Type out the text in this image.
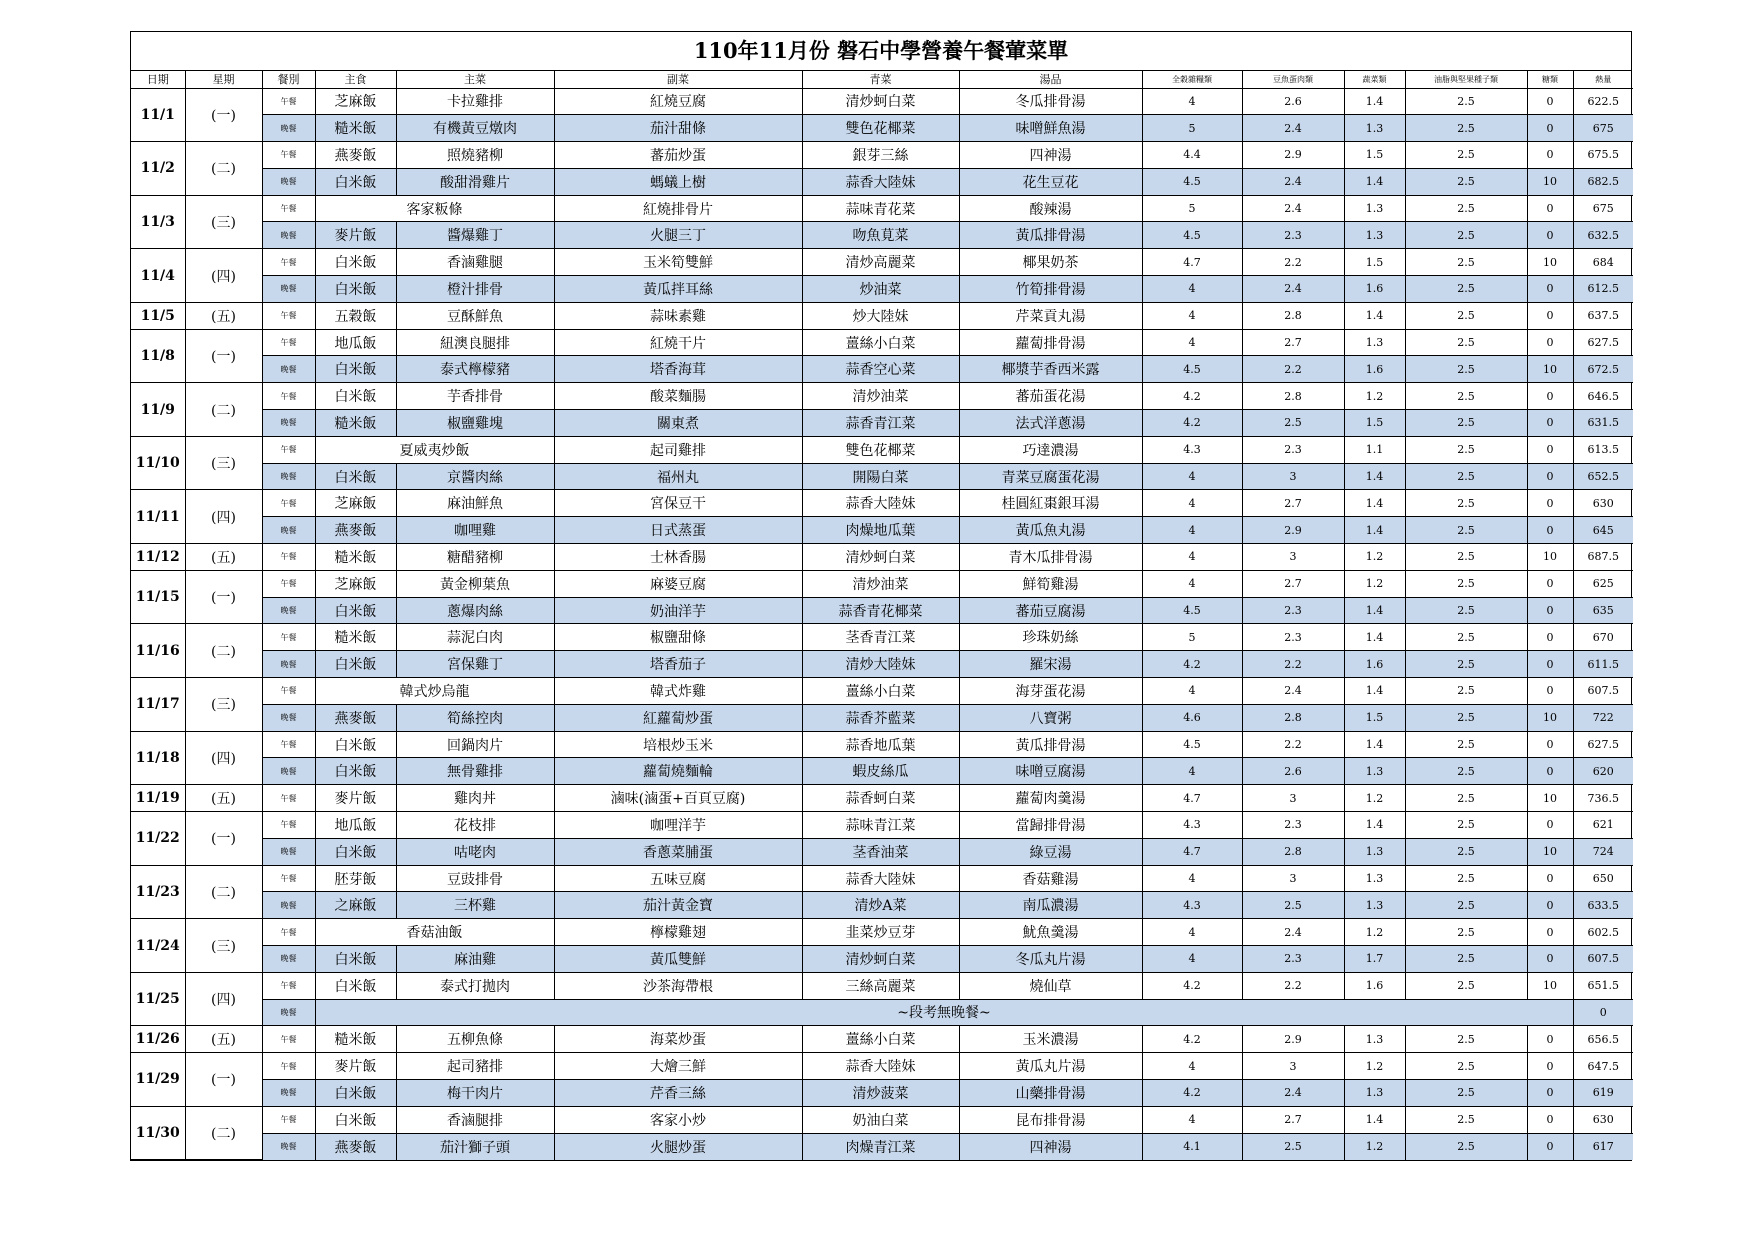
110年11月份 磐石中學營養午餐葷菜單
日期	星期	餐別	主食	主菜	副菜	青菜	湯品	全穀雜糧類	豆魚蛋肉類	蔬菜類	油脂與堅果種子類	糖類	熱量
11/1	(一)	午餐	芝麻飯	卡拉雞排	紅燒豆腐	清炒蚵白菜	冬瓜排骨湯	4	2.6	1.4	2.5	0	622.5
		晚餐	糙米飯	有機黃豆燉肉	茄汁甜條	雙色花椰菜	味噌鮮魚湯	5	2.4	1.3	2.5	0	675
11/2	(二)	午餐	燕麥飯	照燒豬柳	蕃茄炒蛋	銀芽三絲	四神湯	4.4	2.9	1.5	2.5	0	675.5
		晚餐	白米飯	酸甜滑雞片	螞蟻上樹	蒜香大陸妹	花生豆花	4.5	2.4	1.4	2.5	10	682.5
11/3	(三)	午餐	客家粄條		紅燒排骨片	蒜味青花菜	酸辣湯	5	2.4	1.3	2.5	0	675
		晚餐	麥片飯	醬爆雞丁	火腿三丁	吻魚莧菜	黃瓜排骨湯	4.5	2.3	1.3	2.5	0	632.5
11/4	(四)	午餐	白米飯	香滷雞腿	玉米筍雙鮮	清炒高麗菜	椰果奶茶	4.7	2.2	1.5	2.5	10	684
		晚餐	白米飯	橙汁排骨	黃瓜拌耳絲	炒油菜	竹筍排骨湯	4	2.4	1.6	2.5	0	612.5
11/5	(五)	午餐	五穀飯	豆酥鮮魚	蒜味素雞	炒大陸妹	芹菜貢丸湯	4	2.8	1.4	2.5	0	637.5
11/8	(一)	午餐	地瓜飯	紐澳良腿排	紅燒干片	薑絲小白菜	蘿蔔排骨湯	4	2.7	1.3	2.5	0	627.5
		晚餐	白米飯	泰式檸檬豬	塔香海茸	蒜香空心菜	椰漿芋香西米露	4.5	2.2	1.6	2.5	10	672.5
11/9	(二)	午餐	白米飯	芋香排骨	酸菜麵腸	清炒油菜	蕃茄蛋花湯	4.2	2.8	1.2	2.5	0	646.5
		晚餐	糙米飯	椒鹽雞塊	關東煮	蒜香青江菜	法式洋蔥湯	4.2	2.5	1.5	2.5	0	631.5
11/10	(三)	午餐	夏威夷炒飯		起司雞排	雙色花椰菜	巧達濃湯	4.3	2.3	1.1	2.5	0	613.5
		晚餐	白米飯	京醬肉絲	福州丸	開陽白菜	青菜豆腐蛋花湯	4	3	1.4	2.5	0	652.5
11/11	(四)	午餐	芝麻飯	麻油鮮魚	宮保豆干	蒜香大陸妹	桂圓紅棗銀耳湯	4	2.7	1.4	2.5	0	630
		晚餐	燕麥飯	咖哩雞	日式蒸蛋	肉燥地瓜葉	黃瓜魚丸湯	4	2.9	1.4	2.5	0	645
11/12	(五)	午餐	糙米飯	糖醋豬柳	士林香腸	清炒蚵白菜	青木瓜排骨湯	4	3	1.2	2.5	10	687.5
11/15	(一)	午餐	芝麻飯	黃金柳葉魚	麻婆豆腐	清炒油菜	鮮筍雞湯	4	2.7	1.2	2.5	0	625
		晚餐	白米飯	蔥爆肉絲	奶油洋芋	蒜香青花椰菜	蕃茄豆腐湯	4.5	2.3	1.4	2.5	0	635
11/16	(二)	午餐	糙米飯	蒜泥白肉	椒鹽甜條	茎香青江菜	珍珠奶絲	5	2.3	1.4	2.5	0	670
		晚餐	白米飯	宮保雞丁	塔香茄子	清炒大陸妹	羅宋湯	4.2	2.2	1.6	2.5	0	611.5
11/17	(三)	午餐	韓式炒烏龍		韓式炸雞	薑絲小白菜	海芽蛋花湯	4	2.4	1.4	2.5	0	607.5
		晚餐	燕麥飯	筍絲控肉	紅蘿蔔炒蛋	蒜香芥藍菜	八寶粥	4.6	2.8	1.5	2.5	10	722
11/18	(四)	午餐	白米飯	回鍋肉片	培根炒玉米	蒜香地瓜葉	黃瓜排骨湯	4.5	2.2	1.4	2.5	0	627.5
		晚餐	白米飯	無骨雞排	蘿蔔燒麵輪	蝦皮絲瓜	味噌豆腐湯	4	2.6	1.3	2.5	0	620
11/19	(五)	午餐	麥片飯	雞肉丼	滷味(滷蛋+百頁豆腐)	蒜香蚵白菜	蘿蔔肉羹湯	4.7	3	1.2	2.5	10	736.5
11/22	(一)	午餐	地瓜飯	花枝排	咖哩洋芋	蒜味青江菜	當歸排骨湯	4.3	2.3	1.4	2.5	0	621
		晚餐	白米飯	咕咾肉	香蔥菜脯蛋	茎香油菜	綠豆湯	4.7	2.8	1.3	2.5	10	724
11/23	(二)	午餐	胚芽飯	豆豉排骨	五味豆腐	蒜香大陸妹	香菇雞湯	4	3	1.3	2.5	0	650
		晚餐	之麻飯	三杯雞	茄汁黃金寶	清炒A菜	南瓜濃湯	4.3	2.5	1.3	2.5	0	633.5
11/24	(三)	午餐	香菇油飯		檸檬雞翅	韭菜炒豆芽	魷魚羹湯	4	2.4	1.2	2.5	0	602.5
		晚餐	白米飯	麻油雞	黃瓜雙鮮	清炒蚵白菜	冬瓜丸片湯	4	2.3	1.7	2.5	0	607.5
11/25	(四)	午餐	白米飯	泰式打拋肉	沙茶海帶根	三絲高麗菜	燒仙草	4.2	2.2	1.6	2.5	10	651.5
		晚餐	~段考無晚餐~										0
11/26	(五)	午餐	糙米飯	五柳魚條	海菜炒蛋	薑絲小白菜	玉米濃湯	4.2	2.9	1.3	2.5	0	656.5
11/29	(一)	午餐	麥片飯	起司豬排	大燴三鮮	蒜香大陸妹	黃瓜丸片湯	4	3	1.2	2.5	0	647.5
		晚餐	白米飯	梅干肉片	芹香三絲	清炒菠菜	山藥排骨湯	4.2	2.4	1.3	2.5	0	619
11/30	(二)	午餐	白米飯	香滷腿排	客家小炒	奶油白菜	昆布排骨湯	4	2.7	1.4	2.5	0	630
		晚餐	燕麥飯	茄汁獅子頭	火腿炒蛋	肉燥青江菜	四神湯	4.1	2.5	1.2	2.5	0	617
